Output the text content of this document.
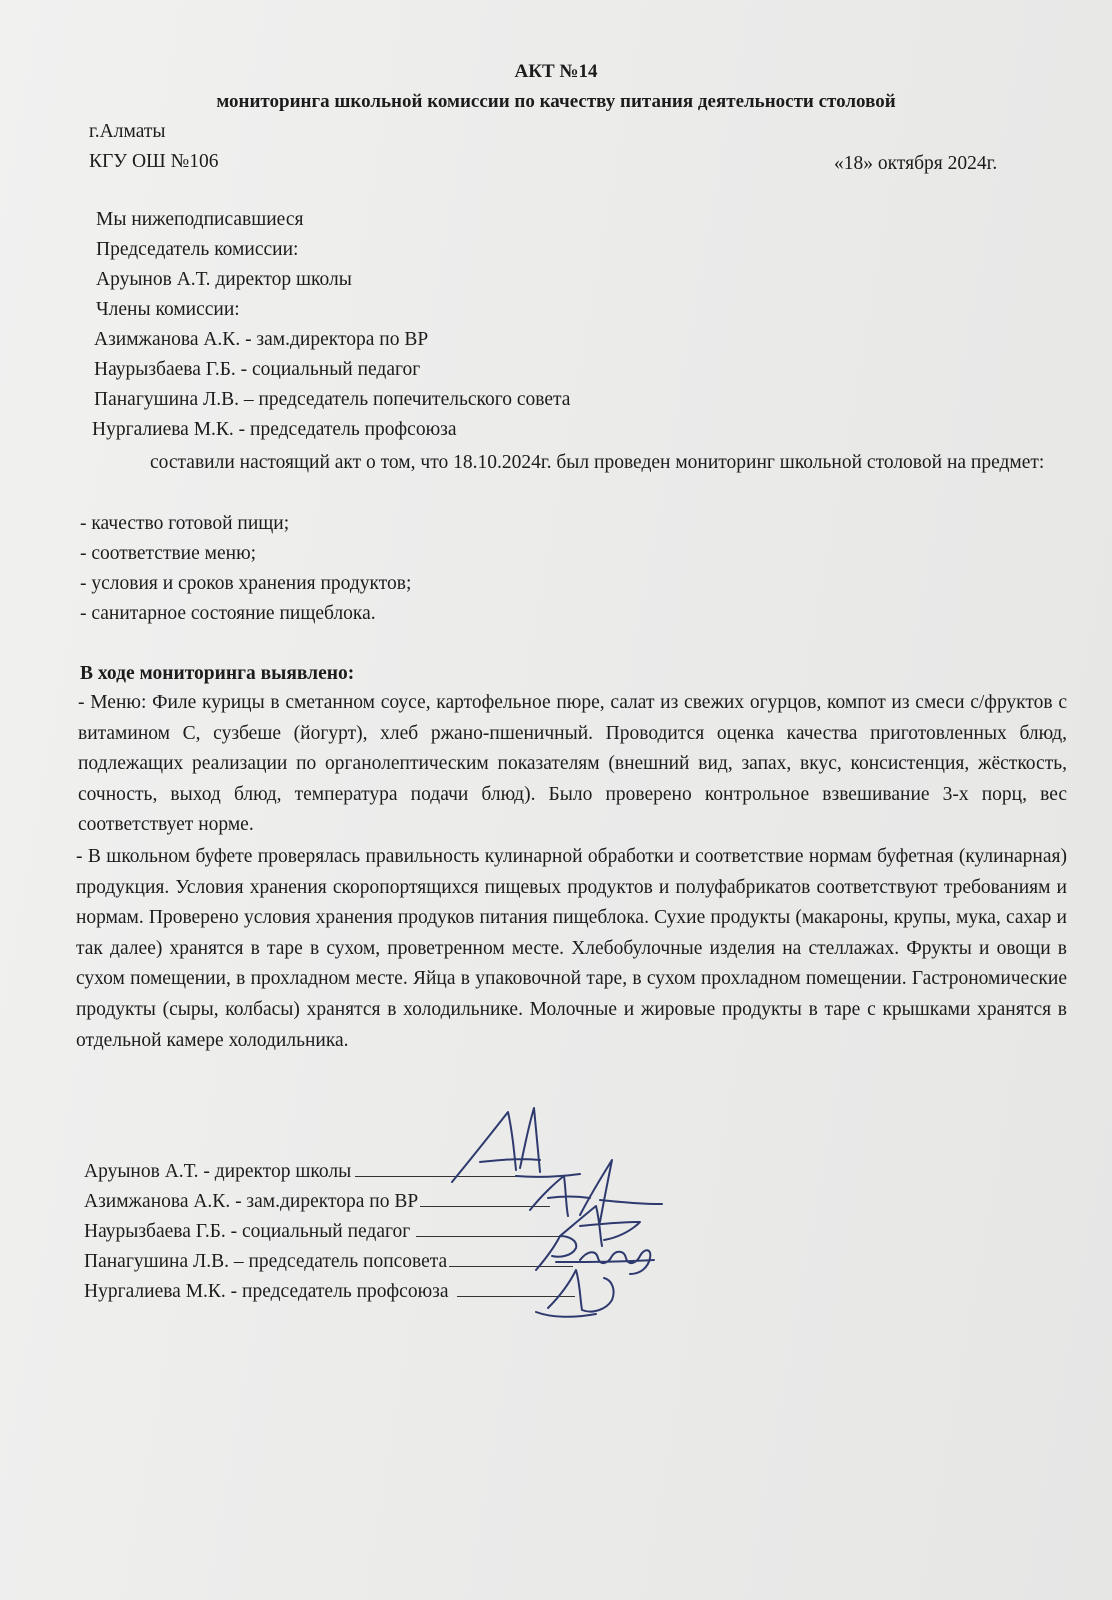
АКТ №14
мониторинга школьной комиссии по качеству питания деятельности столовой
г.Алматы
КГУ ОШ №106	«18» октября 2024г.
Мы нижеподписавшиеся
Председатель комиссии:
Аруынов А.Т. директор школы
Члены комиссии:
Азимжанова А.К. - зам.директора по ВР
Наурызбаева Г.Б. - социальный педагог
Панагушина Л.В. – председатель попечительского совета
Нургалиева М.К. - председатель профсоюза
составили настоящий акт о том, что 18.10.2024г. был проведен мониторинг школьной столовой на предмет:
- качество готовой пищи;
- соответствие меню;
- условия и сроков хранения продуктов;
- санитарное состояние пищеблока.
В ходе мониторинга выявлено:
- Меню: Филе курицы в сметанном соусе, картофельное пюре, салат из свежих огурцов, компот из смеси с/фруктов с витамином С, сузбеше (йогурт), хлеб ржано-пшеничный. Проводится оценка качества приготовленных блюд, подлежащих реализации по органолептическим показателям (внешний вид, запах, вкус, консистенция, жёсткость, сочность, выход блюд, температура подачи блюд). Было проверено контрольное взвешивание 3-х порц, вес соответствует норме.
- В школьном буфете проверялась правильность кулинарной обработки и соответствие нормам буфетная (кулинарная) продукция. Условия хранения скоропортящихся пищевых продуктов и полуфабрикатов соответствуют требованиям и нормам. Проверено условия хранения продуков питания пищеблока. Сухие продукты (макароны, крупы, мука, сахар и так далее) хранятся в таре в сухом, проветренном месте. Хлебобулочные изделия на стеллажах. Фрукты и овощи в сухом помещении, в прохладном месте. Яйца в упаковочной таре, в сухом прохладном помещении. Гастрономические продукты (сыры, колбасы) хранятся в холодильнике. Молочные и жировые продукты в таре с крышками хранятся в отдельной камере холодильника.
Аруынов А.Т. - директор школы
Азимжанова А.К. - зам.директора по ВР
Наурызбаева Г.Б. - социальный педагог
Панагушина Л.В. – председатель попсовета
Нургалиева М.К. - председатель профсоюза
